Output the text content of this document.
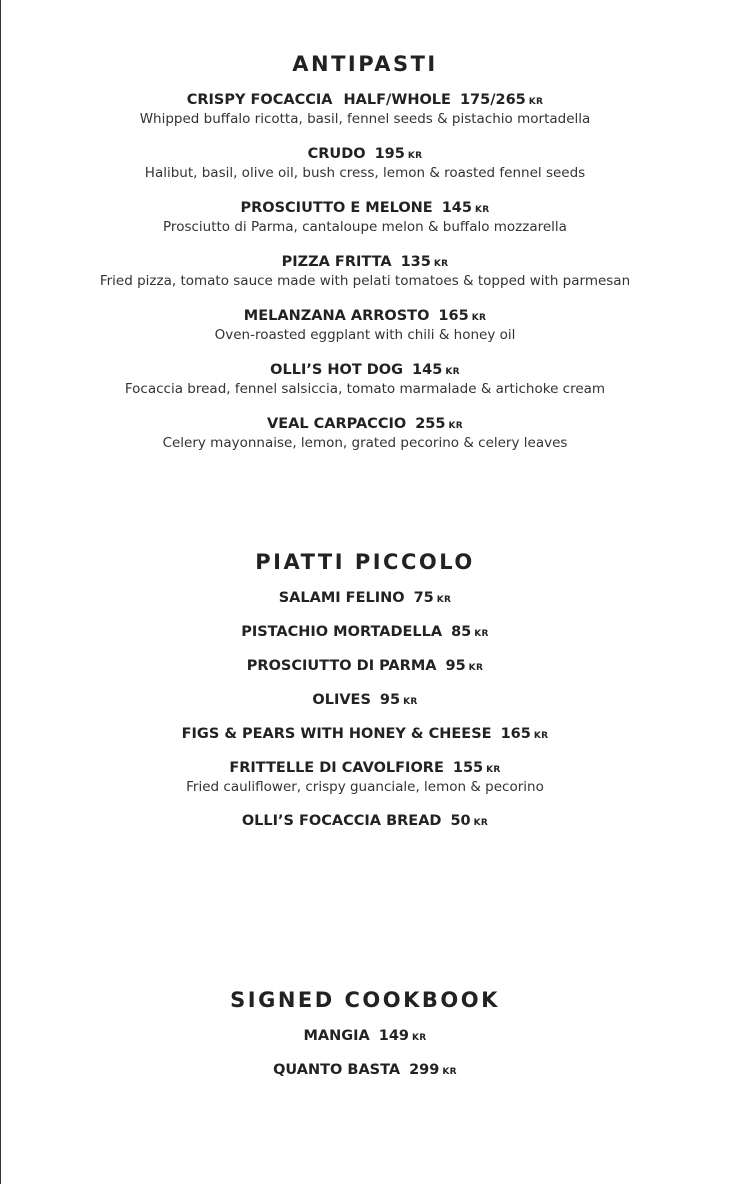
ANTIPASTI
CRISPY FOCACCIA HALF/WHOLE 175/265 KR
Whipped buffalo ricotta, basil, fennel seeds & pistachio mortadella
CRUDO 195 KR
Halibut, basil, olive oil, bush cress, lemon & roasted fennel seeds
PROSCIUTTO E MELONE 145 KR
Prosciutto di Parma, cantaloupe melon & buffalo mozzarella
PIZZA FRITTA 135 KR
Fried pizza, tomato sauce made with pelati tomatoes & topped with parmesan
MELANZANA ARROSTO 165 KR
Oven-roasted eggplant with chili & honey oil
OLLI’S HOT DOG 145 KR
Focaccia bread, fennel salsiccia, tomato marmalade & artichoke cream
VEAL CARPACCIO 255 KR
Celery mayonnaise, lemon, grated pecorino & celery leaves
PIATTI PICCOLO
SALAMI FELINO 75 KR
PISTACHIO MORTADELLA 85 KR
PROSCIUTTO DI PARMA 95 KR
OLIVES 95 KR
FIGS & PEARS WITH HONEY & CHEESE 165 KR
FRITTELLE DI CAVOLFIORE 155 KR
Fried cauliflower, crispy guanciale, lemon & pecorino
OLLI’S FOCACCIA BREAD 50 KR
SIGNED COOKBOOK
MANGIA 149 KR
QUANTO BASTA 299 KR
